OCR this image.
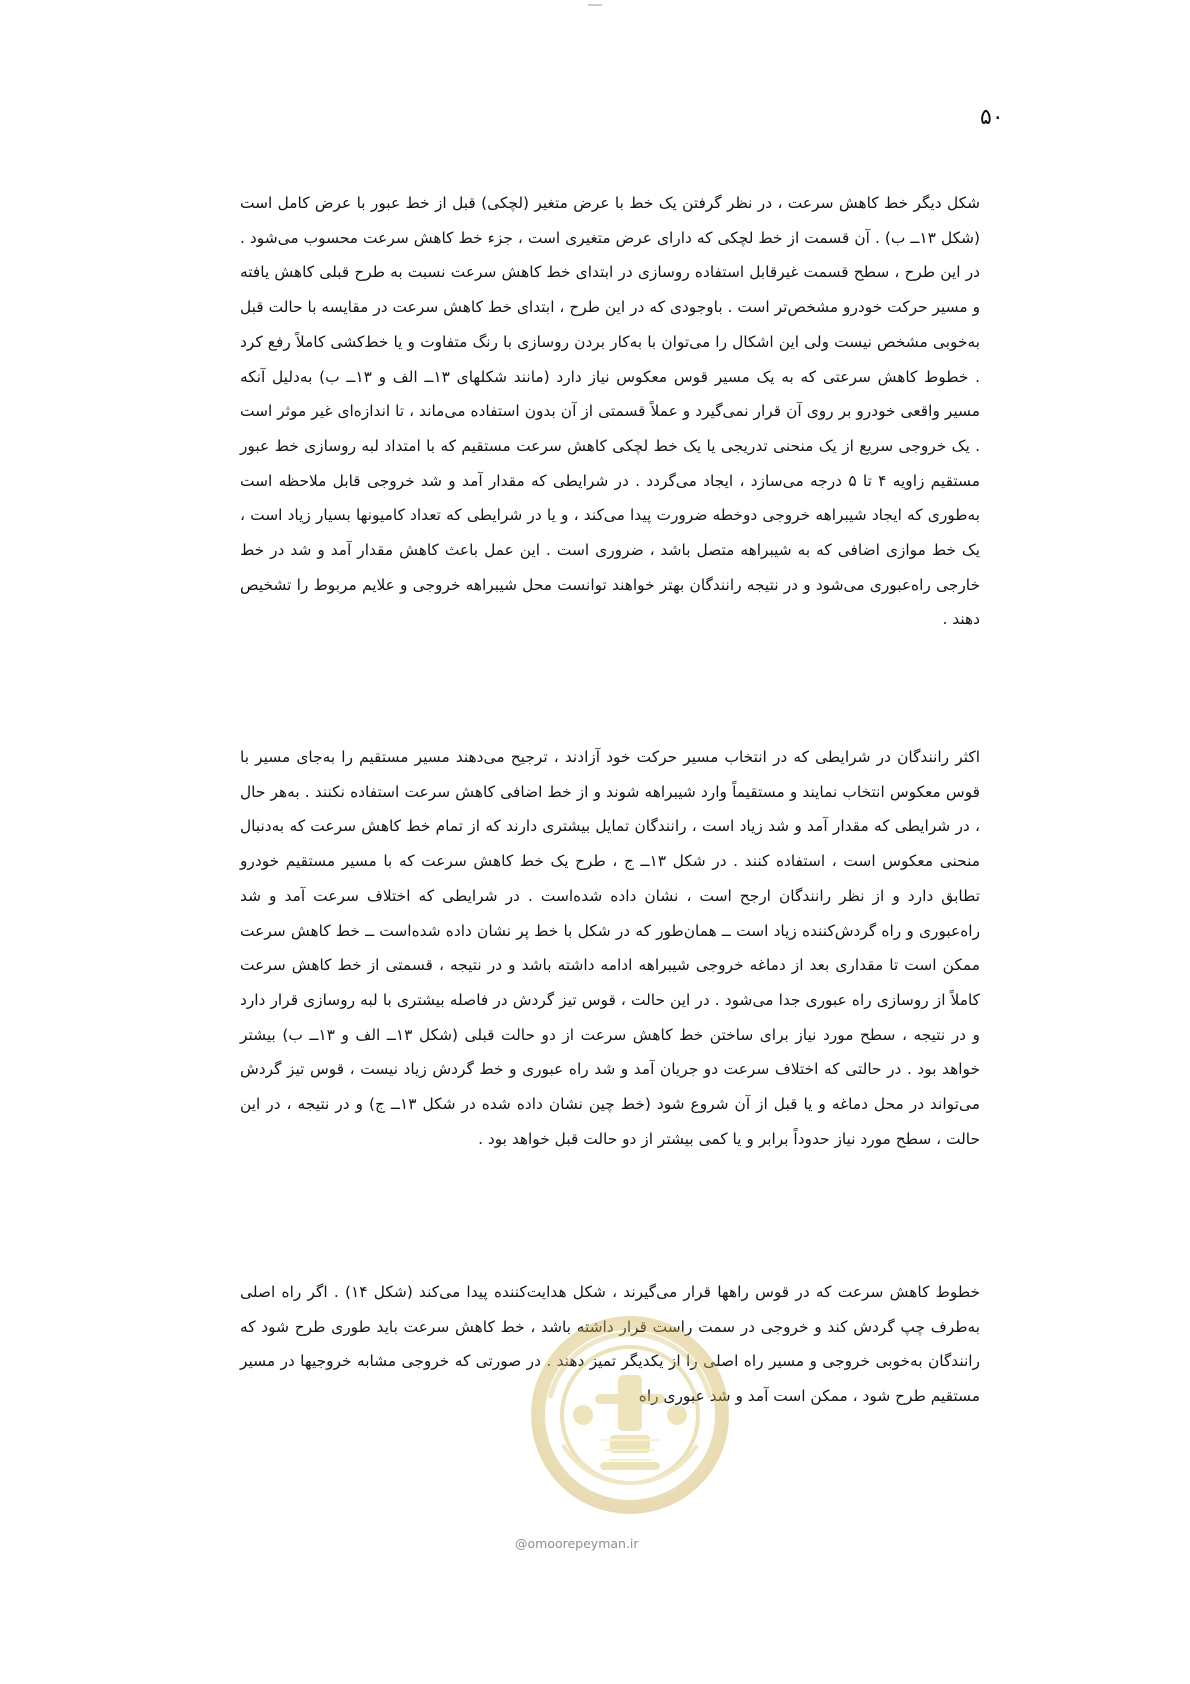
۵۰
شکل دیگر خط کاهش سرعت ، در نظر گرفتن یک خط با عرض متغیر (لچکی) قبل از خط عبور با عرض کامل است (شکل ۱۳ــ ب) . آن قسمت از خط لچکی که دارای عرض متغیری است ، جزء خط کاهش سرعت محسوب می‌شود . در این طرح ، سطح قسمت غیرقابل استفاده روسازی در ابتدای خط کاهش سرعت نسبت به طرح قبلی کاهش یافته و مسیر حرکت خودرو مشخص‌تر است . باوجودی که در این طرح ، ابتدای خط کاهش سرعت در مقایسه با حالت قبل به‌خوبی مشخص نیست ولی این اشکال را می‌توان با به‌کار بردن روسازی با رنگ متفاوت و یا خط‌کشی کاملاً رفع کرد . خطوط کاهش سرعتی که به یک مسیر قوس معکوس نیاز دارد (مانند شکلهای ۱۳ــ الف و ۱۳ــ ب) به‌دلیل آنکه مسیر واقعی خودرو بر روی آن قرار نمی‌گیرد و عملاً قسمتی از آن بدون استفاده می‌ماند ، تا اندازه‌ای غیر موثر است . یک خروجی سریع از یک منحنی تدریجی یا یک خط لچکی کاهش سرعت مستقیم که با امتداد لبه روسازی خط عبور مستقیم زاویه ۴ تا ۵ درجه می‌سازد ، ایجاد می‌گردد . در شرایطی که مقدار آمد و شد خروجی قابل ملاحظه است به‌طوری که ایجاد شیبراهه خروجی دوخطه ضرورت پیدا می‌کند ، و یا در شرایطی که تعداد کامیونها بسیار زیاد است ، یک خط موازی اضافی که به شیبراهه متصل باشد ، ضروری است . این عمل باعث کاهش مقدار آمد و شد در خط خارجی راه‌عبوری می‌شود و در نتیجه رانندگان بهتر خواهند توانست محل شیبراهه خروجی و علایم مربوط را تشخیص دهند .
اکثر رانندگان در شرایطی که در انتخاب مسیر حرکت خود آزادند ، ترجیح می‌دهند مسیر مستقیم را به‌جای مسیر با قوس معکوس انتخاب نمایند و مستقیماً وارد شیبراهه شوند و از خط اضافی کاهش سرعت استفاده نکنند . به‌هر حال ، در شرایطی که مقدار آمد و شد زیاد است ، رانندگان تمایل بیشتری دارند که از تمام خط کاهش سرعت که به‌دنبال منحنی معکوس است ، استفاده کنند . در شکل ۱۳ــ ج ، طرح یک خط کاهش سرعت که با مسیر مستقیم خودرو تطابق دارد و از نظر رانندگان ارجح است ، نشان داده شده‌است . در شرایطی که اختلاف سرعت آمد و شد راه‌عبوری و راه گردش‌کننده زیاد است ــ همان‌طور که در شکل با خط پر نشان داده شده‌است ــ خط کاهش سرعت ممکن است تا مقداری بعد از دماغه خروجی شیبراهه ادامه داشته باشد و در نتیجه ، قسمتی از خط کاهش سرعت کاملاً از روسازی راه عبوری جدا می‌شود . در این حالت ، قوس تیز گردش در فاصله بیشتری با لبه روسازی قرار دارد و در نتیجه ، سطح مورد نیاز برای ساختن خط کاهش سرعت از دو حالت قبلی (شکل ۱۳ــ الف و ۱۳ــ ب) بیشتر خواهد بود . در حالتی که اختلاف سرعت دو جریان آمد و شد راه عبوری و خط گردش زیاد نیست ، قوس تیز گردش می‌تواند در محل دماغه و یا قبل از آن شروع شود (خط چین نشان داده شده در شکل ۱۳ــ ج) و در نتیجه ، در این حالت ، سطح مورد نیاز حدوداً برابر و یا کمی بیشتر از دو حالت قبل خواهد بود .
خطوط کاهش سرعت که در قوس راهها قرار می‌گیرند ، شکل هدایت‌کننده پیدا می‌کند (شکل ۱۴) . اگر راه اصلی به‌طرف چپ گردش کند و خروجی در سمت راست قرار داشته باشد ، خط کاهش سرعت باید طوری طرح شود که رانندگان به‌خوبی خروجی و مسیر راه اصلی را از یکدیگر تمیز دهند . در صورتی که خروجی مشابه خروجیها در مسیر مستقیم طرح شود ، ممکن است آمد و شد عبوری راه
@omoorepeyman.ir
